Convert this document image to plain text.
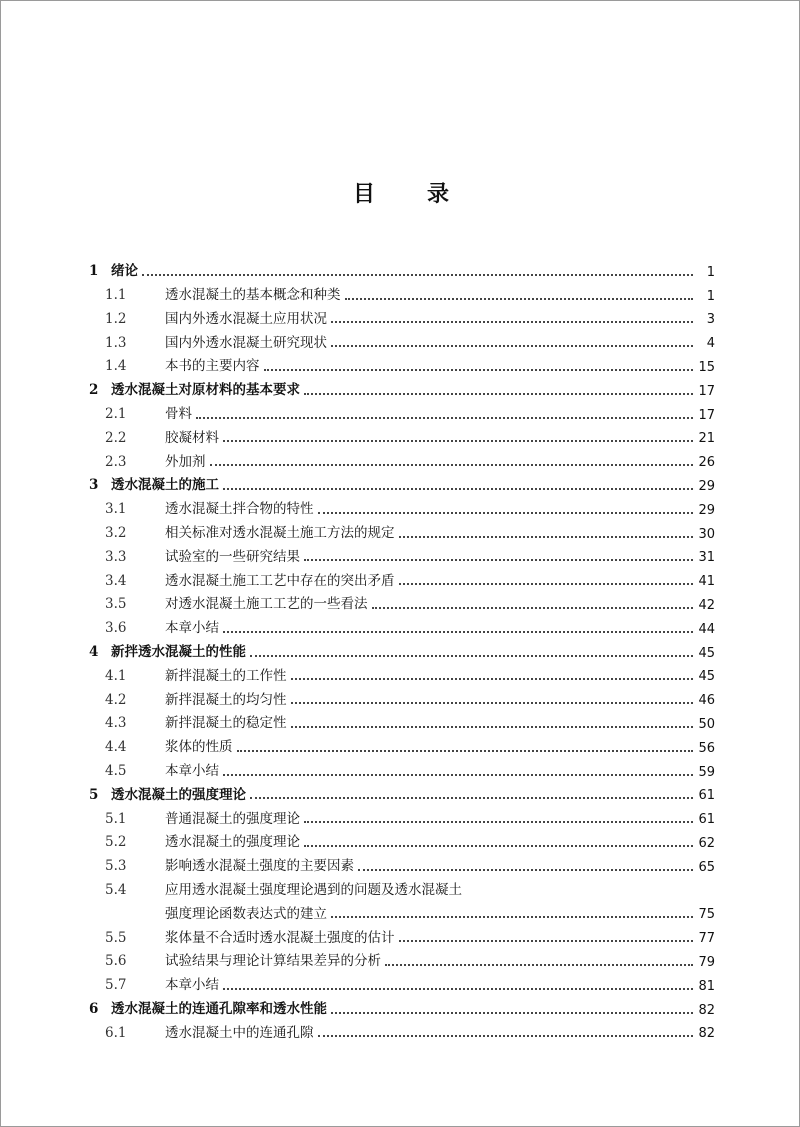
目 录
1 绪论	1
1.1	透水混凝土的基本概念和种类	1
1.2	国内外透水混凝土应用状况	3
1.3	国内外透水混凝土研究现状	4
1.4	本书的主要内容	15
2 透水混凝土对原材料的基本要求	17
2.1	骨料	17
2.2	胶凝材料	21
2.3	外加剂	26
3 透水混凝土的施工	29
3.1	透水混凝土拌合物的特性	29
3.2	相关标准对透水混凝土施工方法的规定	30
3.3	试验室的一些研究结果	31
3.4	透水混凝土施工工艺中存在的突出矛盾	41
3.5	对透水混凝土施工工艺的一些看法	42
3.6	本章小结	44
4 新拌透水混凝土的性能	45
4.1	新拌混凝土的工作性	45
4.2	新拌混凝土的均匀性	46
4.3	新拌混凝土的稳定性	50
4.4	浆体的性质	56
4.5	本章小结	59
5 透水混凝土的强度理论	61
5.1	普通混凝土的强度理论	61
5.2	透水混凝土的强度理论	62
5.3	影响透水混凝土强度的主要因素	65
5.4	应用透水混凝土强度理论遇到的问题及透水混凝土
强度理论函数表达式的建立	75
5.5	浆体量不合适时透水混凝土强度的估计	77
5.6	试验结果与理论计算结果差异的分析	79
5.7	本章小结	81
6 透水混凝土的连通孔隙率和透水性能	82
6.1	透水混凝土中的连通孔隙	82
